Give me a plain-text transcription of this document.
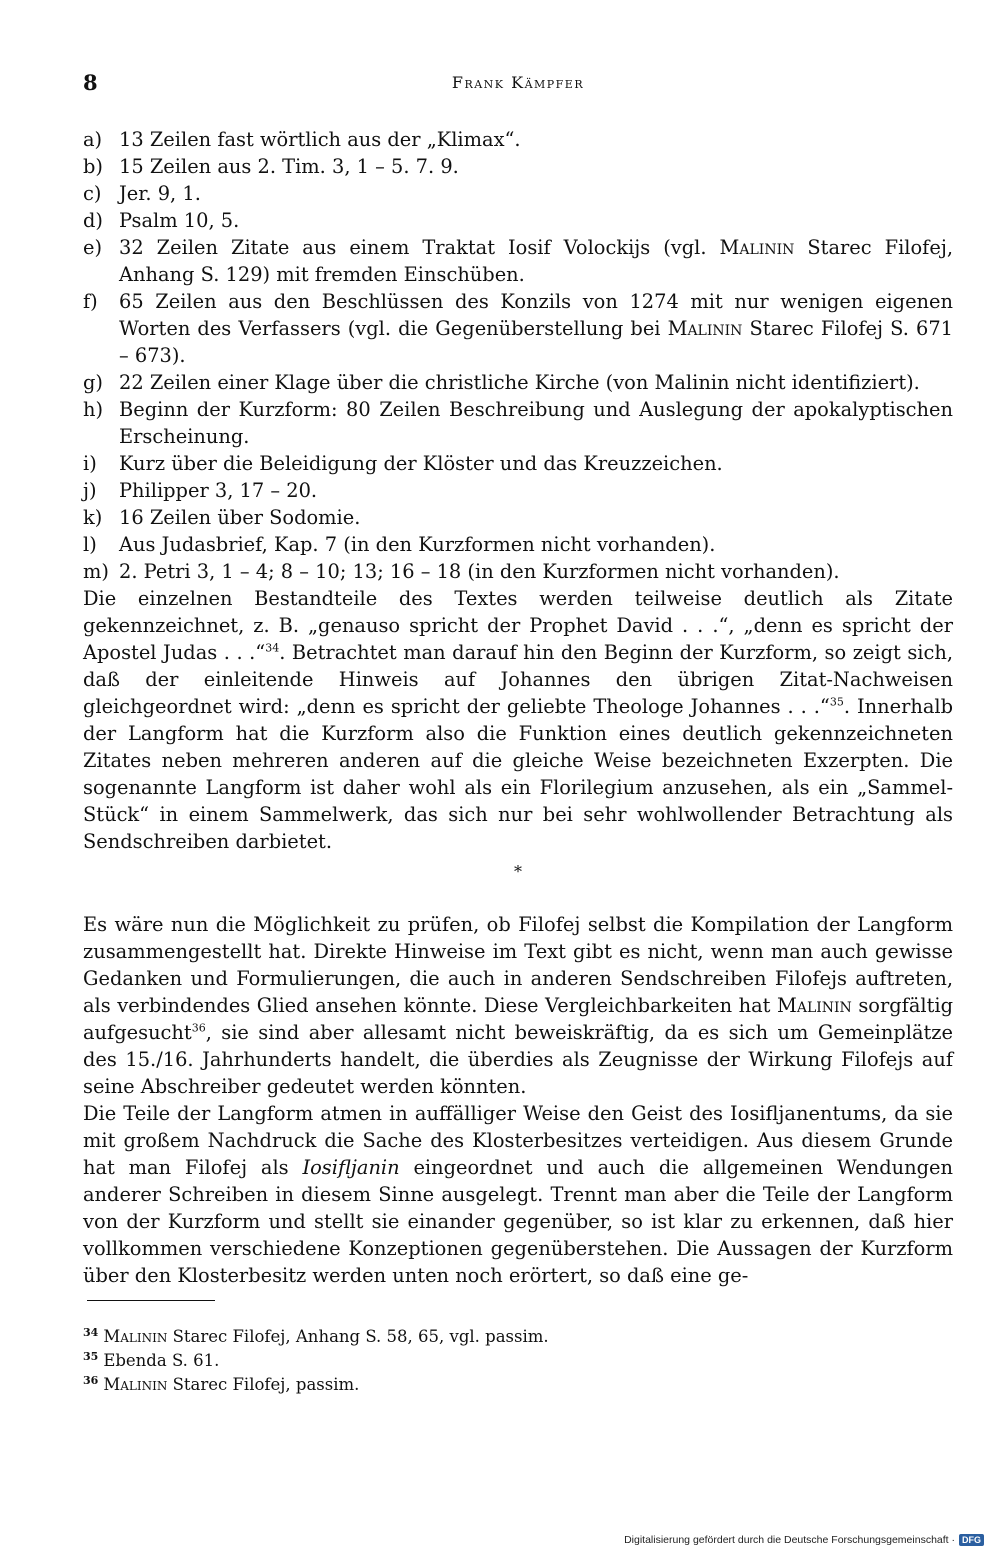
8	Frank Kämpfer
a) 13 Zeilen fast wörtlich aus der „Klimax“.
b) 15 Zeilen aus 2. Tim. 3, 1 – 5. 7. 9.
c) Jer. 9, 1.
d) Psalm 10, 5.
e) 32 Zeilen Zitate aus einem Traktat Iosif Volockijs (vgl. Malinin Starec Filofej, Anhang S. 129) mit fremden Einschüben.
f) 65 Zeilen aus den Beschlüssen des Konzils von 1274 mit nur wenigen eigenen Worten des Verfassers (vgl. die Gegenüberstellung bei Malinin Starec Filofej S. 671 – 673).
g) 22 Zeilen einer Klage über die christliche Kirche (von Malinin nicht identifiziert).
h) Beginn der Kurzform: 80 Zeilen Beschreibung und Auslegung der apokalyptischen Erscheinung.
i) Kurz über die Beleidigung der Klöster und das Kreuzzeichen.
j) Philipper 3, 17 – 20.
k) 16 Zeilen über Sodomie.
l) Aus Judasbrief, Kap. 7 (in den Kurzformen nicht vorhanden).
m) 2. Petri 3, 1 – 4; 8 – 10; 13; 16 – 18 (in den Kurzformen nicht vorhanden).

Die einzelnen Bestandteile des Textes werden teilweise deutlich als Zitate gekennzeichnet, z. B. „genauso spricht der Prophet David . . .“, „denn es spricht der Apostel Judas . . .“$^{34}$. Betrachtet man darauf hin den Beginn der Kurzform, so zeigt sich, daß der einleitende Hinweis auf Johannes den übrigen Zitat-Nachweisen gleichgeordnet wird: „denn es spricht der geliebte Theologe Johannes . . .“$^{35}$. Innerhalb der Langform hat die Kurzform also die Funktion eines deutlich gekennzeichneten Zitates neben mehreren anderen auf die gleiche Weise bezeichneten Exzerpten. Die sogenannte Langform ist daher wohl als ein Florilegium anzusehen, als ein „Sammel-Stück“ in einem Sammelwerk, das sich nur bei sehr wohlwollender Betrachtung als Sendschreiben darbietet.

*

Es wäre nun die Möglichkeit zu prüfen, ob Filofej selbst die Kompilation der Langform zusammengestellt hat. Direkte Hinweise im Text gibt es nicht, wenn man auch gewisse Gedanken und Formulierungen, die auch in anderen Sendschreiben Filofejs auftreten, als verbindendes Glied ansehen könnte. Diese Vergleichbarkeiten hat Malinin sorgfältig aufgesucht$^{36}$, sie sind aber allesamt nicht beweiskräftig, da es sich um Gemeinplätze des 15./16. Jahrhunderts handelt, die überdies als Zeugnisse der Wirkung Filofejs auf seine Abschreiber gedeutet werden könnten.

Die Teile der Langform atmen in auffälliger Weise den Geist des Iosifljanentums, da sie mit großem Nachdruck die Sache des Klosterbesitzes verteidigen. Aus diesem Grunde hat man Filofej als Iosifljanin eingeordnet und auch die allgemeinen Wendungen anderer Schreiben in diesem Sinne ausgelegt. Trennt man aber die Teile der Langform von der Kurzform und stellt sie einander gegenüber, so ist klar zu erkennen, daß hier vollkommen verschiedene Konzeptionen gegenüberstehen. Die Aussagen der Kurzform über den Klosterbesitz werden unten noch erörtert, so daß eine ge-

$^{34}$ Malinin Starec Filofej, Anhang S. 58, 65, vgl. passim.
$^{35}$ Ebenda S. 61.
$^{36}$ Malinin Starec Filofej, passim.
Digitalisierung gefördert durch die Deutsche Forschungsgemeinschaft · DFG
